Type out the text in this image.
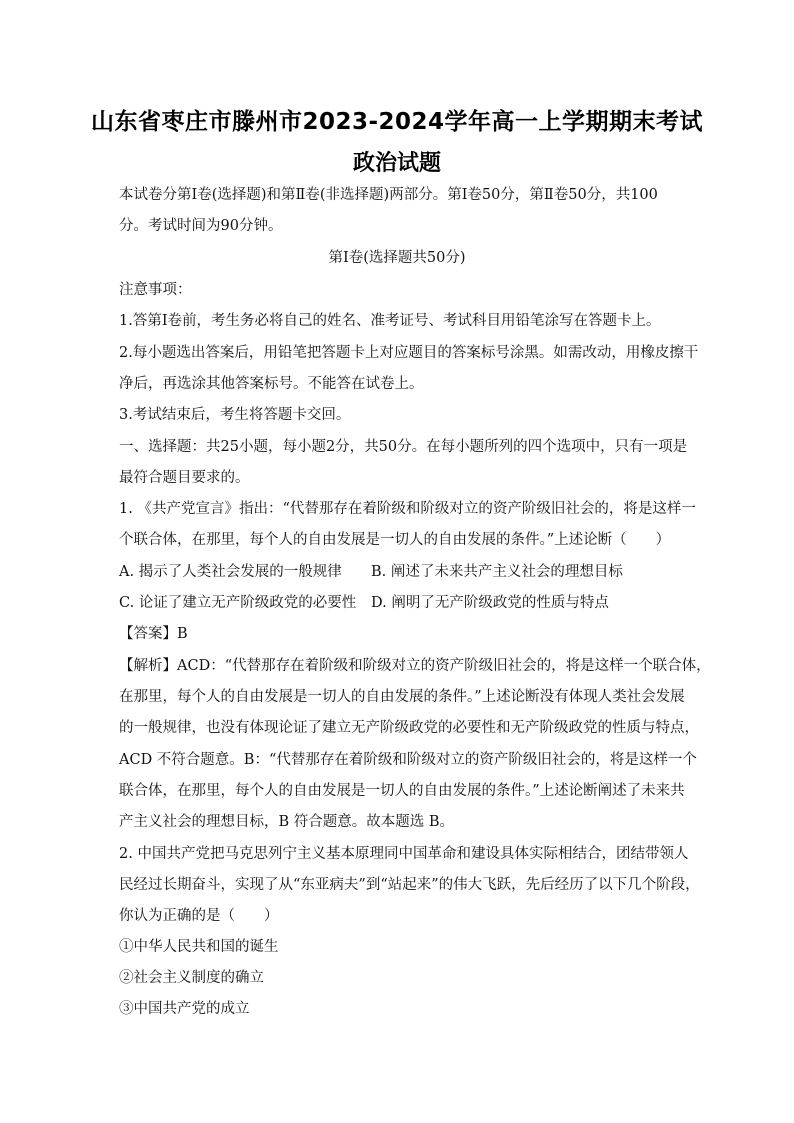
山东省枣庄市滕州市2023-2024学年高一上学期期末考试
政治试题
本试卷分第Ⅰ卷(选择题)和第Ⅱ卷(非选择题)两部分。第Ⅰ卷50分，第Ⅱ卷50分，共100
分。考试时间为90分钟。
第Ⅰ卷(选择题共50分)
注意事项：
1.答第Ⅰ卷前，考生务必将自己的姓名、准考证号、考试科目用铅笔涂写在答题卡上。
2.每小题选出答案后，用铅笔把答题卡上对应题目的答案标号涂黑。如需改动，用橡皮擦干
净后，再选涂其他答案标号。不能答在试卷上。
3.考试结束后，考生将答题卡交回。
一、选择题：共25小题，每小题2分，共50分。在每小题所列的四个选项中，只有一项是
最符合题目要求的。
1. 《共产党宣言》指出：“代替那存在着阶级和阶级对立的资产阶级旧社会的，将是这样一
个联合体，在那里，每个人的自由发展是一切人的自由发展的条件。”上述论断（　　）
A. 揭示了人类社会发展的一般规律 B. 阐述了未来共产主义社会的理想目标
C. 论证了建立无产阶级政党的必要性 D. 阐明了无产阶级政党的性质与特点
【答案】B
【解析】ACD：“代替那存在着阶级和阶级对立的资产阶级旧社会的，将是这样一个联合体，
在那里，每个人的自由发展是一切人的自由发展的条件。”上述论断没有体现人类社会发展
的一般规律，也没有体现论证了建立无产阶级政党的必要性和无产阶级政党的性质与特点，
ACD 不符合题意。B：“代替那存在着阶级和阶级对立的资产阶级旧社会的，将是这样一个
联合体，在那里，每个人的自由发展是一切人的自由发展的条件。”上述论断阐述了未来共
产主义社会的理想目标，B 符合题意。故本题选 B。
2. 中国共产党把马克思列宁主义基本原理同中国革命和建设具体实际相结合，团结带领人
民经过长期奋斗，实现了从“东亚病夫”到“站起来”的伟大飞跃，先后经历了以下几个阶段，
你认为正确的是（　　）
①中华人民共和国的诞生
②社会主义制度的确立
③中国共产党的成立
